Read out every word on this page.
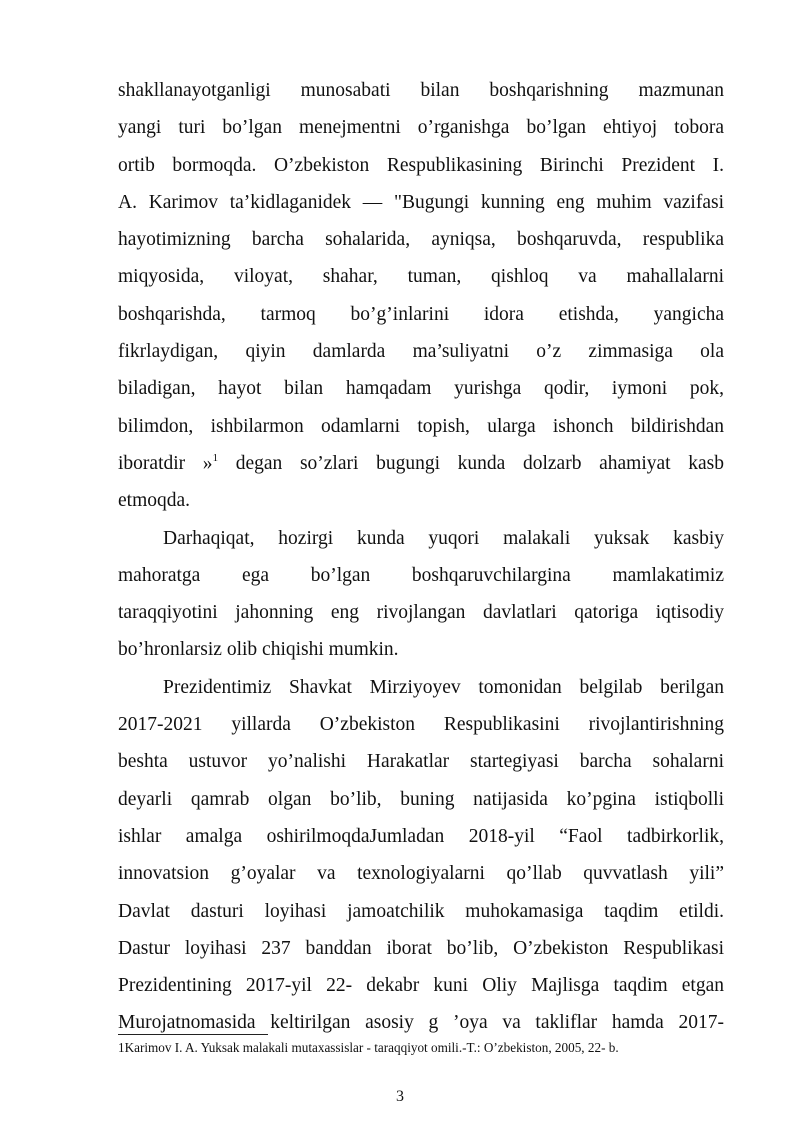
shakllanayotganligi munosabati bilan boshqarishning mazmunan
yangi turi bo’lgan menejmentni o’rganishga bo’lgan ehtiyoj tobora
ortib bormoqda. O’zbekiston Respublikasining Birinchi Prezident I.
A. Karimov ta’kidlaganidek — "Bugungi kunning eng muhim vazifasi
hayotimizning barcha sohalarida, ayniqsa, boshqaruvda, respublika
miqyosida, viloyat, shahar, tuman, qishloq va mahallalarni
boshqarishda, tarmoq bo’g’inlarini idora etishda, yangicha
fikrlaydigan, qiyin damlarda ma’suliyatni o’z zimmasiga ola
biladigan, hayot bilan hamqadam yurishga qodir, iymoni pok,
bilimdon, ishbilarmon odamlarni topish, ularga ishonch bildirishdan
iboratdir »$^1$ degan so’zlari bugungi kunda dolzarb ahamiyat kasb
etmoqda.
Darhaqiqat, hozirgi kunda yuqori malakali yuksak kasbiy
mahoratga ega bo’lgan boshqaruvchilargina mamlakatimiz
taraqqiyotini jahonning eng rivojlangan davlatlari qatoriga iqtisodiy
bo’hronlarsiz olib chiqishi mumkin.
Prezidentimiz Shavkat Mirziyoyev tomonidan belgilab berilgan
2017-2021 yillarda O’zbekiston Respublikasini rivojlantirishning
beshta ustuvor yo’nalishi Harakatlar startegiyasi barcha sohalarni
deyarli qamrab olgan bo’lib, buning natijasida ko’pgina istiqbolli
ishlar amalga oshirilmoqdaJumladan 2018-yil “Faol tadbirkorlik,
innovatsion g’oyalar va texnologiyalarni qo’llab quvvatlash yili”
Davlat dasturi loyihasi jamoatchilik muhokamasiga taqdim etildi.
Dastur loyihasi 237 banddan iborat bo’lib, O’zbekiston Respublikasi
Prezidentining 2017-yil 22- dekabr kuni Oliy Majlisga taqdim etgan
Murojatnomasida keltirilgan asosiy g ’oya va takliflar hamda 2017-
1Karimov I. A. Yuksak malakali mutaxassislar - taraqqiyot omili.-T.: O’zbekiston, 2005, 22- b.
3
